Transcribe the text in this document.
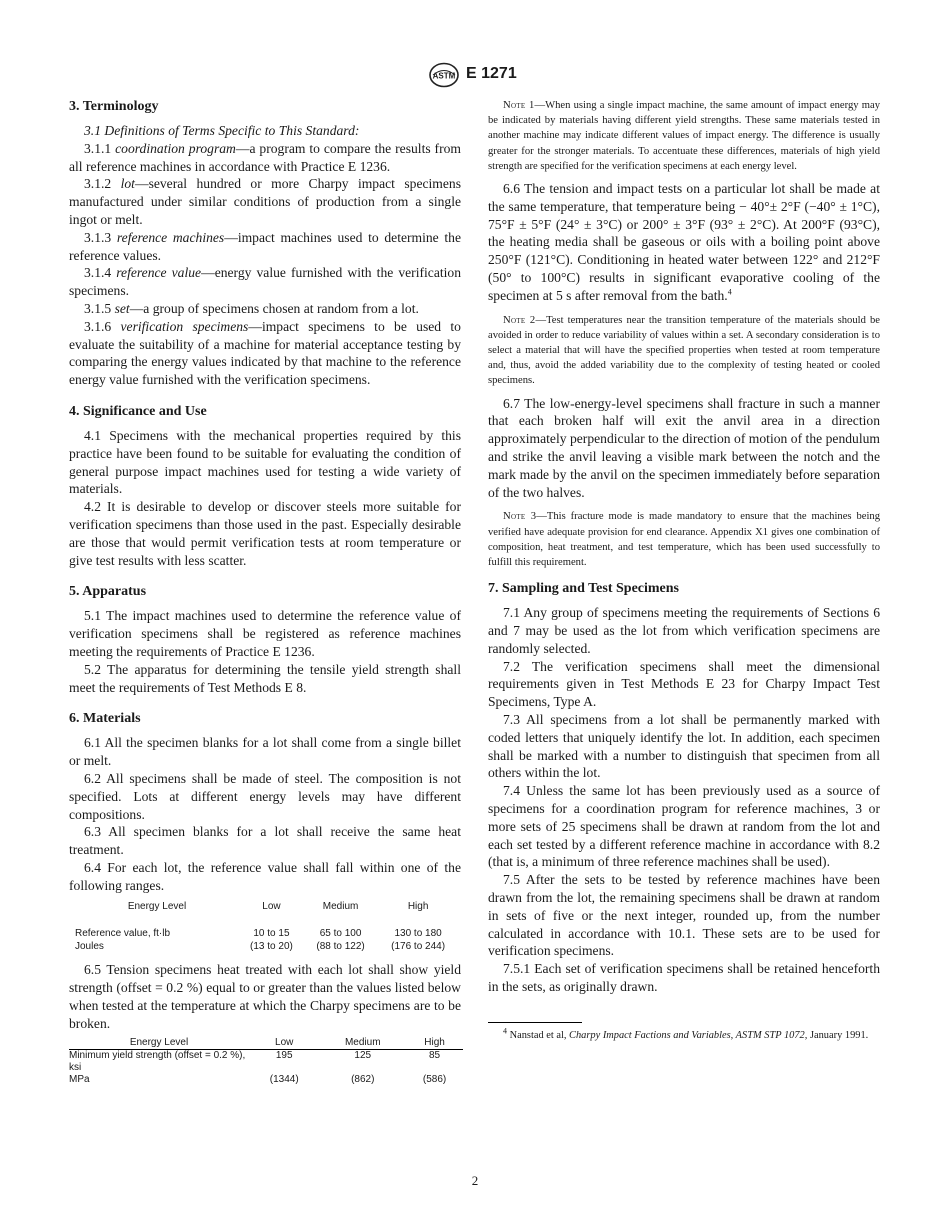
ASTM E 1271
3. Terminology

3.1 Definitions of Terms Specific to This Standard:

3.1.1 coordination program—a program to compare the results from all reference machines in accordance with Practice E 1236.

3.1.2 lot—several hundred or more Charpy impact specimens manufactured under similar conditions of production from a single ingot or melt.

3.1.3 reference machines—impact machines used to determine the reference values.

3.1.4 reference value—energy value furnished with the verification specimens.

3.1.5 set—a group of specimens chosen at random from a lot.

3.1.6 verification specimens—impact specimens to be used to evaluate the suitability of a machine for material acceptance testing by comparing the energy values indicated by that machine to the reference energy value furnished with the verification specimens.

4. Significance and Use

4.1 Specimens with the mechanical properties required by this practice have been found to be suitable for evaluating the condition of general purpose impact machines used for testing a wide variety of materials.

4.2 It is desirable to develop or discover steels more suitable for verification specimens than those used in the past. Especially desirable are those that would permit verification tests at room temperature or give test results with less scatter.

5. Apparatus

5.1 The impact machines used to determine the reference value of verification specimens shall be registered as reference machines meeting the requirements of Practice E 1236.

5.2 The apparatus for determining the tensile yield strength shall meet the requirements of Test Methods E 8.

6. Materials

6.1 All the specimen blanks for a lot shall come from a single billet or melt.

6.2 All specimens shall be made of steel. The composition is not specified. Lots at different energy levels may have different compositions.

6.3 All specimen blanks for a lot shall receive the same heat treatment.

6.4 For each lot, the reference value shall fall within one of the following ranges.

Energy Level	Low	Medium	High
Reference value, ft·lb	10 to 15	65 to 100	130 to 180
Joules	(13 to 20)	(88 to 122)	(176 to 244)

6.5 Tension specimens heat treated with each lot shall show yield strength (offset = 0.2 %) equal to or greater than the values listed below when tested at the temperature at which the Charpy specimens are to be broken.

Energy Level	Low	Medium	High
Minimum yield strength (offset = 0.2 %), ksi	195	125	85
MPa	(1344)	(862)	(586)

Note 1—When using a single impact machine, the same amount of impact energy may be indicated by materials having different yield strengths. These same materials tested in another machine may indicate different values of impact energy. The difference is usually greater for the stronger materials. To accentuate these differences, materials of high yield strength are specified for the verification specimens at each energy level.

6.6 The tension and impact tests on a particular lot shall be made at the same temperature, that temperature being − 40°± 2°F (−40° ± 1°C), 75°F ± 5°F (24° ± 3°C) or 200° ± 3°F (93° ± 2°C). At 200°F (93°C), the heating media shall be gaseous or oils with a boiling point above 250°F (121°C). Conditioning in heated water between 122° and 212°F (50° to 100°C) results in significant evaporative cooling of the specimen at 5 s after removal from the bath.$^4$

Note 2—Test temperatures near the transition temperature of the materials should be avoided in order to reduce variability of values within a set. A secondary consideration is to select a material that will have the specified properties when tested at room temperature and, thus, avoid the added variability due to the complexity of testing heated or cooled specimens.

6.7 The low-energy-level specimens shall fracture in such a manner that each broken half will exit the anvil area in a direction approximately perpendicular to the direction of motion of the pendulum and strike the anvil leaving a visible mark between the notch and the mark made by the anvil on the specimen immediately before separation of the two halves.

Note 3—This fracture mode is made mandatory to ensure that the machines being verified have adequate provision for end clearance. Appendix X1 gives one combination of composition, heat treatment, and test temperature, which has been used successfully to fulfill this requirement.

7. Sampling and Test Specimens

7.1 Any group of specimens meeting the requirements of Sections 6 and 7 may be used as the lot from which verification specimens are randomly selected.

7.2 The verification specimens shall meet the dimensional requirements given in Test Methods E 23 for Charpy Impact Test Specimens, Type A.

7.3 All specimens from a lot shall be permanently marked with coded letters that uniquely identify the lot. In addition, each specimen shall be marked with a number to distinguish that specimen from all others within the lot.

7.4 Unless the same lot has been previously used as a source of specimens for a coordination program for reference machines, 3 or more sets of 25 specimens shall be drawn at random from the lot and each set tested by a different reference machine in accordance with 8.2 (that is, a minimum of three reference machines shall be used).

7.5 After the sets to be tested by reference machines have been drawn from the lot, the remaining specimens shall be drawn at random in sets of five or the next integer, rounded up, from the number calculated in accordance with 10.1. These sets are to be used for verification specimens.

7.5.1 Each set of verification specimens shall be retained henceforth in the sets, as originally drawn.

$^4$ Nanstad et al, Charpy Impact Factions and Variables, ASTM STP 1072, January 1991.

2
